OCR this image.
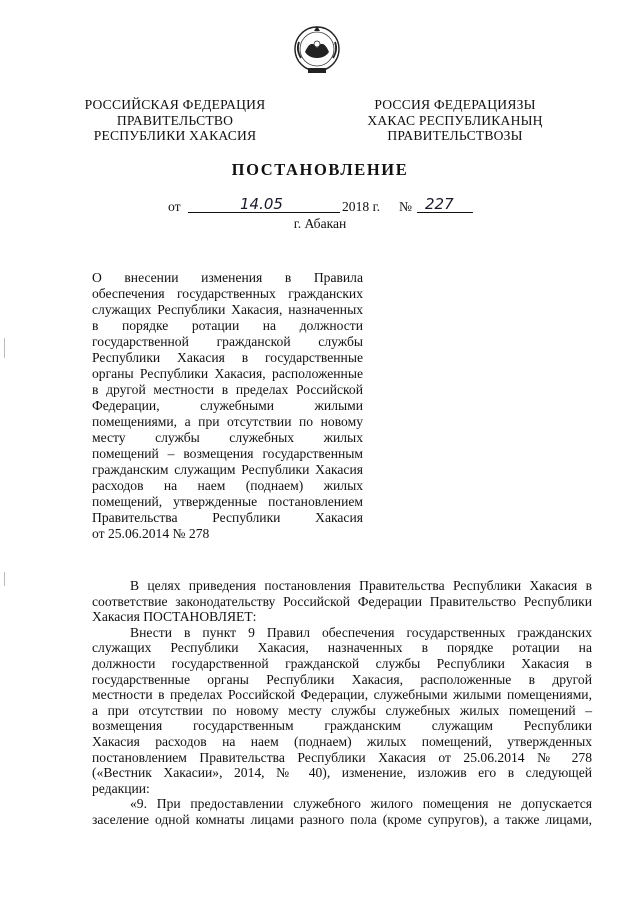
РОССИЙСКАЯ ФЕДЕРАЦИЯ
ПРАВИТЕЛЬСТВО
РЕСПУБЛИКИ ХАКАСИЯ
РОССИЯ ФЕДЕРАЦИЯЗЫ
ХАКАС РЕСПУБЛИКАНЫҢ
ПРАВИТЕЛЬСТВОЗЫ
ПОСТАНОВЛЕНИЕ
от	14.05	2018 г. № 227
г. Абакан
О внесении изменения в Правила
обеспечения государственных гражданских
служащих Республики Хакасия, назначенных
в порядке ротации на должности
государственной гражданской службы
Республики Хакасия в государственные
органы Республики Хакасия, расположенные
в другой местности в пределах Российской
Федерации, служебными жилыми
помещениями, а при отсутствии по новому
месту службы служебных жилых
помещений – возмещения государственным
гражданским служащим Республики Хакасия
расходов на наем (поднаем) жилых
помещений, утвержденные постановлением
Правительства Республики Хакасия
от 25.06.2014 № 278
В целях приведения постановления Правительства Республики Хакасия в
соответствие законодательству Российской Федерации Правительство Республики
Хакасия ПОСТАНОВЛЯЕТ:
Внести в пункт 9 Правил обеспечения государственных гражданских
служащих Республики Хакасия, назначенных в порядке ротации на
должности государственной гражданской службы Республики Хакасия в
государственные органы Республики Хакасия, расположенные в другой
местности в пределах Российской Федерации, служебными жилыми помещениями,
а при отсутствии по новому месту службы служебных жилых помещений –
возмещения государственным гражданским служащим Республики
Хакасия расходов на наем (поднаем) жилых помещений, утвержденных
постановлением Правительства Республики Хакасия от 25.06.2014 № 278
(«Вестник Хакасии», 2014, № 40), изменение, изложив его в следующей
редакции:
«9. При предоставлении служебного жилого помещения не допускается
заселение одной комнаты лицами разного пола (кроме супругов), а также лицами,
